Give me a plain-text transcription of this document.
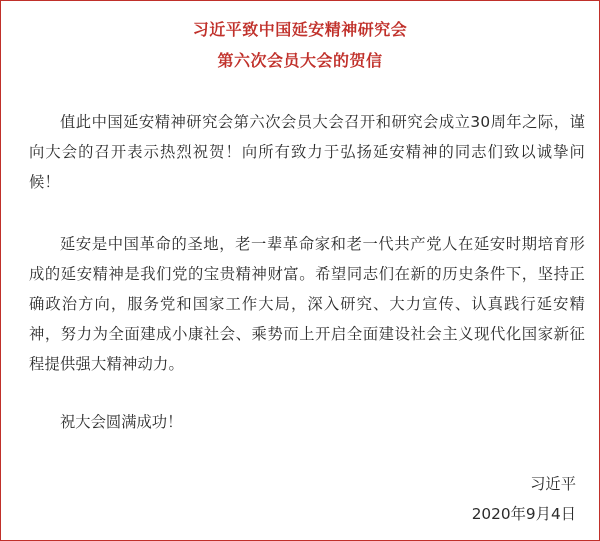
习近平致中国延安精神研究会
第六次会员大会的贺信

值此中国延安精神研究会第六次会员大会召开和研究会成立30周年之际，谨向大会的召开表示热烈祝贺！向所有致力于弘扬延安精神的同志们致以诚挚问候！

延安是中国革命的圣地，老一辈革命家和老一代共产党人在延安时期培育形成的延安精神是我们党的宝贵精神财富。希望同志们在新的历史条件下，坚持正确政治方向，服务党和国家工作大局，深入研究、大力宣传、认真践行延安精神，努力为全面建成小康社会、乘势而上开启全面建设社会主义现代化国家新征程提供强大精神动力。

祝大会圆满成功！
习近平
2020年9月4日
